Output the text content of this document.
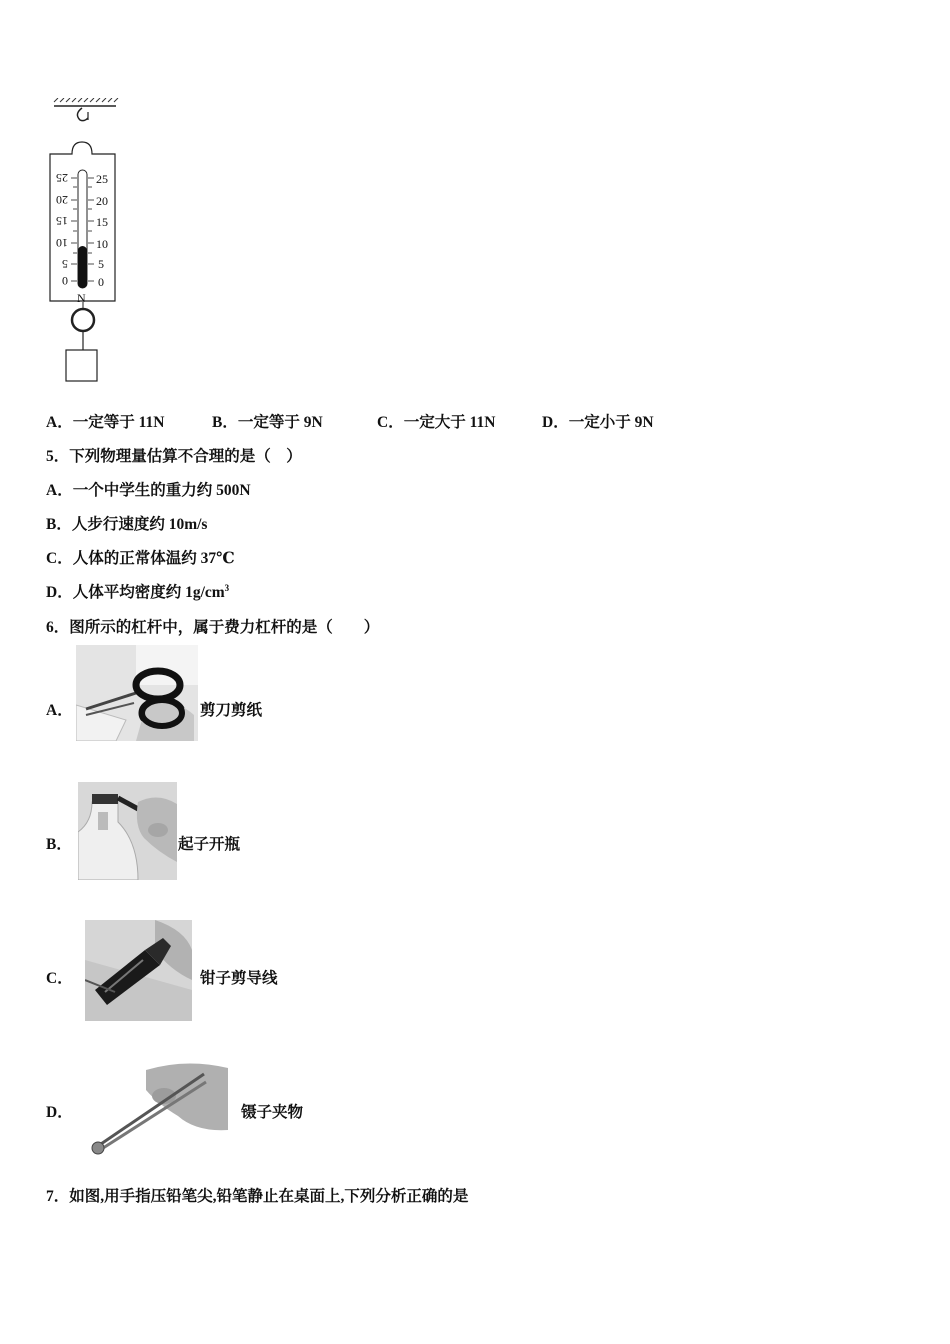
25
20
15
10
5
0
25
20
15
10
5
0
N
A．一定等于 11N	B．一定等于 9N	C．一定大于 11N	D．一定小于 9N
5．下列物理量估算不合理的是（　）
A．一个中学生的重力约 500N
B．人步行速度约 10m/s
C．人体的正常体温约 37℃
D．人体平均密度约 $1g/cm^3$
6．图所示的杠杆中，属于费力杠杆的是（　　）
A．	剪刀剪纸
B．	起子开瓶
C．	钳子剪导线
D．	镊子夹物
7．如图,用手指压铅笔尖,铅笔静止在桌面上,下列分析正确的是
